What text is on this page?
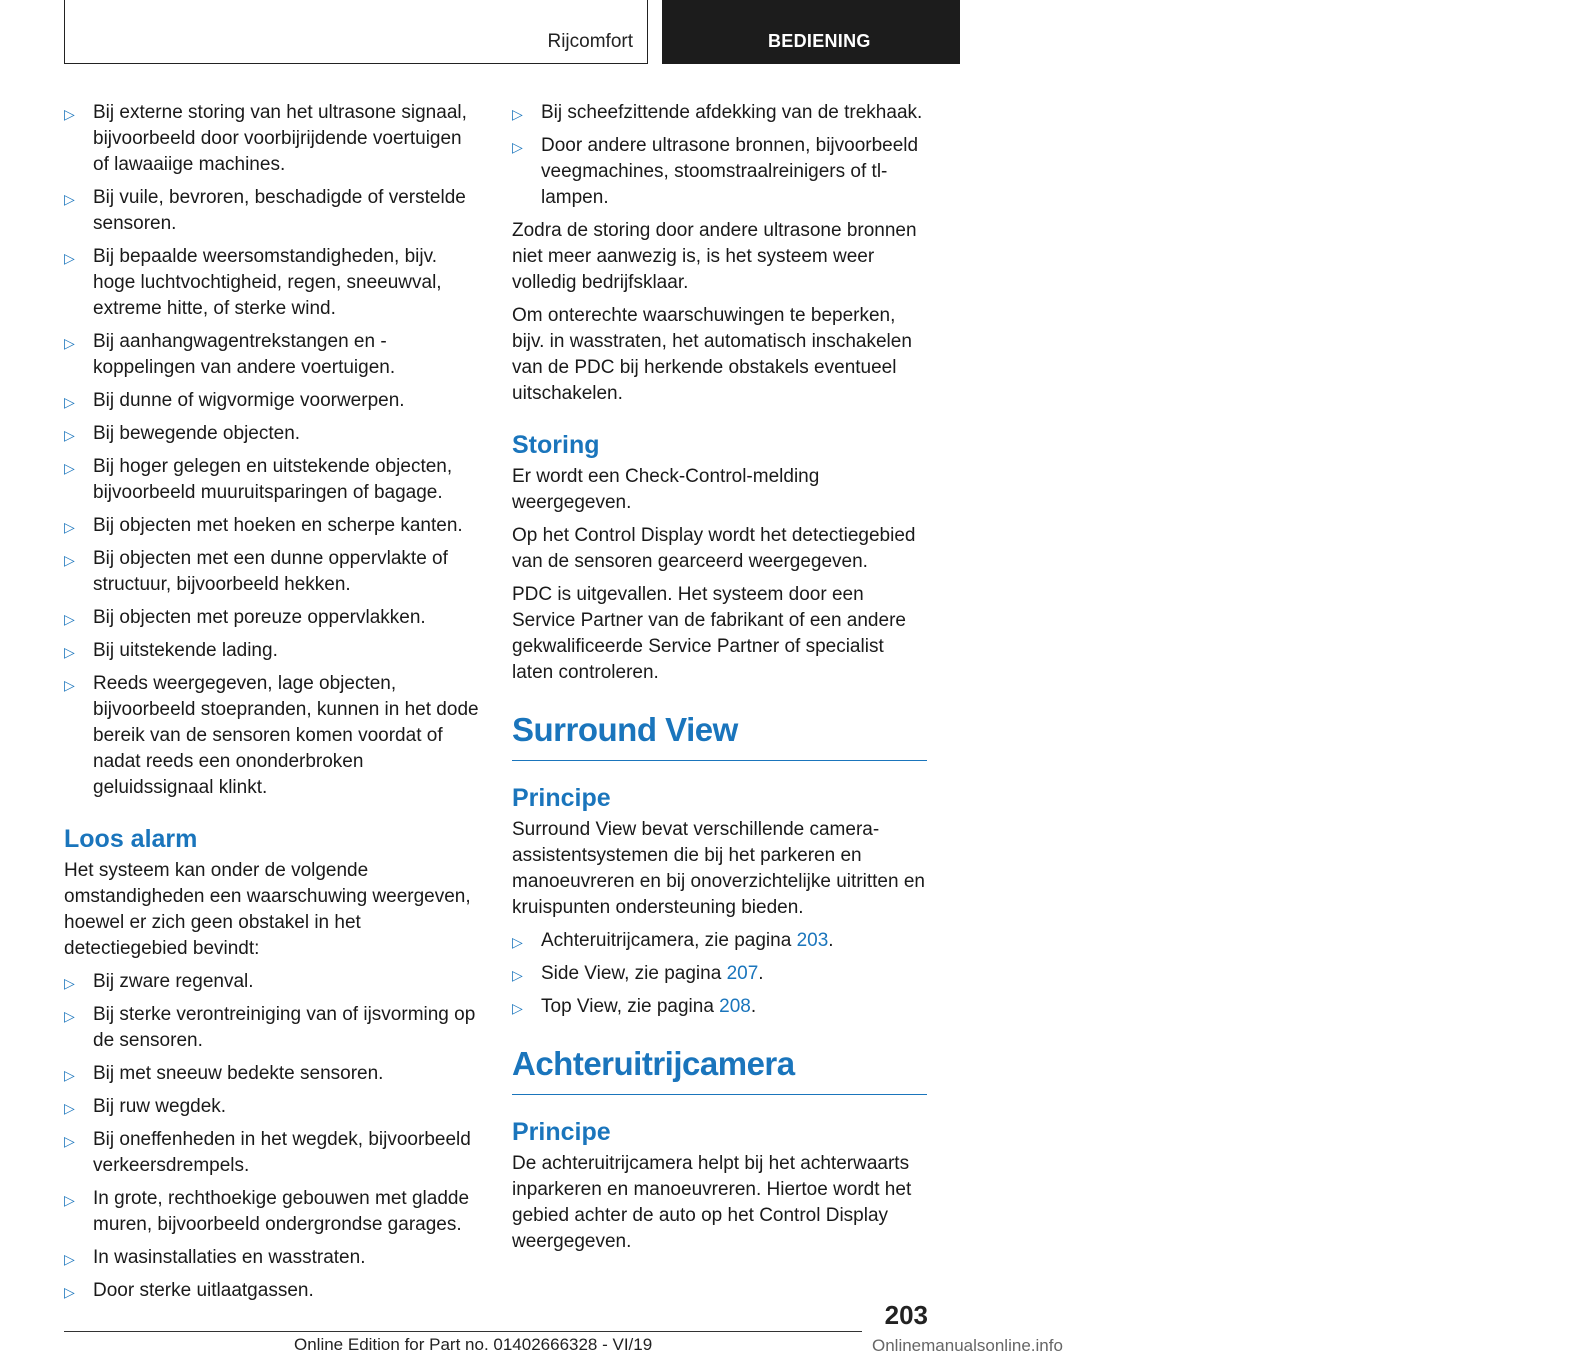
Rijcomfort	BEDIENING
▷ Bij externe storing van het ultrasone signaal, bijvoorbeeld door voorbijrijdende voertuigen of lawaaiige machines.
▷ Bij vuile, bevroren, beschadigde of verstelde sensoren.
▷ Bij bepaalde weersomstandigheden, bijv. hoge luchtvochtigheid, regen, sneeuwval, extreme hitte, of sterke wind.
▷ Bij aanhangwagentrekstangen en -koppelingen van andere voertuigen.
▷ Bij dunne of wigvormige voorwerpen.
▷ Bij bewegende objecten.
▷ Bij hoger gelegen en uitstekende objecten, bijvoorbeeld muuruitsparingen of bagage.
▷ Bij objecten met hoeken en scherpe kanten.
▷ Bij objecten met een dunne oppervlakte of structuur, bijvoorbeeld hekken.
▷ Bij objecten met poreuze oppervlakken.
▷ Bij uitstekende lading.
▷ Reeds weergegeven, lage objecten, bijvoorbeeld stoepranden, kunnen in het dode bereik van de sensoren komen voordat of nadat reeds een ononderbroken geluidssignaal klinkt.
Loos alarm
Het systeem kan onder de volgende omstandigheden een waarschuwing weergeven, hoewel er zich geen obstakel in het detectiegebied bevindt:
▷ Bij zware regenval.
▷ Bij sterke verontreiniging van of ijsvorming op de sensoren.
▷ Bij met sneeuw bedekte sensoren.
▷ Bij ruw wegdek.
▷ Bij oneffenheden in het wegdek, bijvoorbeeld verkeersdrempels.
▷ In grote, rechthoekige gebouwen met gladde muren, bijvoorbeeld ondergrondse garages.
▷ In wasinstallaties en wasstraten.
▷ Door sterke uitlaatgassen.
▷ Bij scheefzittende afdekking van de trekhaak.
▷ Door andere ultrasone bronnen, bijvoorbeeld veegmachines, stoomstraalreinigers of tl-lampen.
Zodra de storing door andere ultrasone bronnen niet meer aanwezig is, is het systeem weer volledig bedrijfsklaar.
Om onterechte waarschuwingen te beperken, bijv. in wasstraten, het automatisch inschakelen van de PDC bij herkende obstakels eventueel uitschakelen.
Storing
Er wordt een Check-Control-melding weergegeven.
Op het Control Display wordt het detectiegebied van de sensoren gearceerd weergegeven.
PDC is uitgevallen. Het systeem door een Service Partner van de fabrikant of een andere gekwalificeerde Service Partner of specialist laten controleren.
Surround View
Principe
Surround View bevat verschillende camera-assistentsystemen die bij het parkeren en manoeuvreren en bij onoverzichtelijke uitritten en kruispunten ondersteuning bieden.
▷ Achteruitrijcamera, zie pagina 203.
▷ Side View, zie pagina 207.
▷ Top View, zie pagina 208.
Achteruitrijcamera
Principe
De achteruitrijcamera helpt bij het achterwaarts inparkeren en manoeuvreren. Hiertoe wordt het gebied achter de auto op het Control Display weergegeven.
203
Online Edition for Part no. 01402666328 - VI/19	Onlinemanualsonline.info
